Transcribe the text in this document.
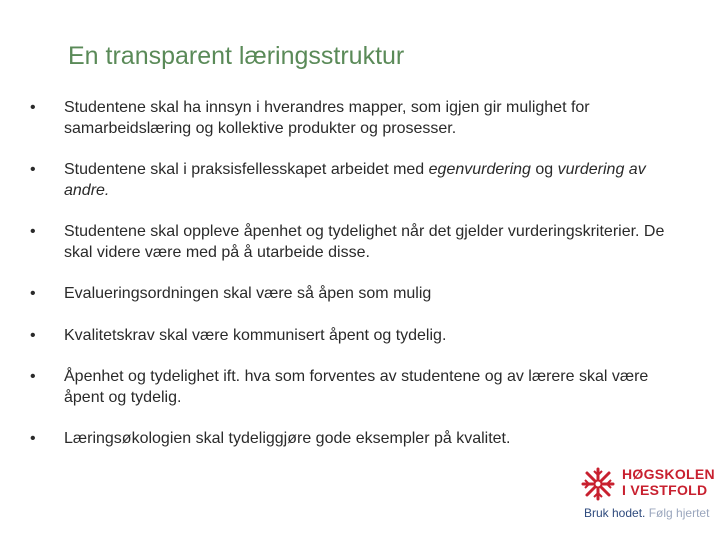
En transparent læringsstruktur
• Studentene skal ha innsyn i hverandres mapper, som igjen gir mulighet for samarbeidslæring og kollektive produkter og prosesser.
• Studentene skal i praksisfellesskapet arbeidet med egenvurdering og vurdering av andre.
• Studentene skal oppleve åpenhet og tydelighet når det gjelder vurderingskriterier. De skal videre være med på å utarbeide disse.
• Evalueringsordningen skal være så åpen som mulig
• Kvalitetskrav skal være kommunisert åpent og tydelig.
• Åpenhet og tydelighet ift. hva som forventes av studentene og av lærere skal være åpent og tydelig.
• Læringsøkologien skal tydeliggjøre gode eksempler på kvalitet.
HØGSKOLEN
I VESTFOLD
Bruk hodet. Følg hjertet
